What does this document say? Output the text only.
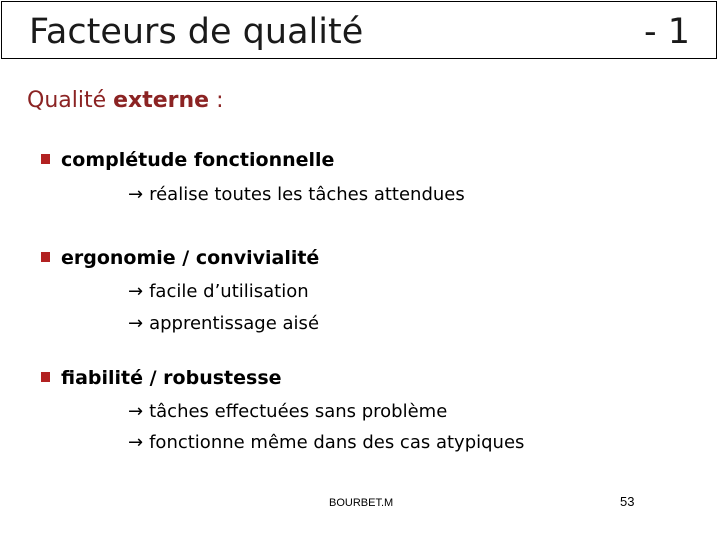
Facteurs de qualité	- 1
Qualité externe :
complétude fonctionnelle
→ réalise toutes les tâches attendues
ergonomie / convivialité
→ facile d’utilisation
→ apprentissage aisé
fiabilité / robustesse
→ tâches effectuées sans problème
→ fonctionne même dans des cas atypiques
BOURBET.M	53
